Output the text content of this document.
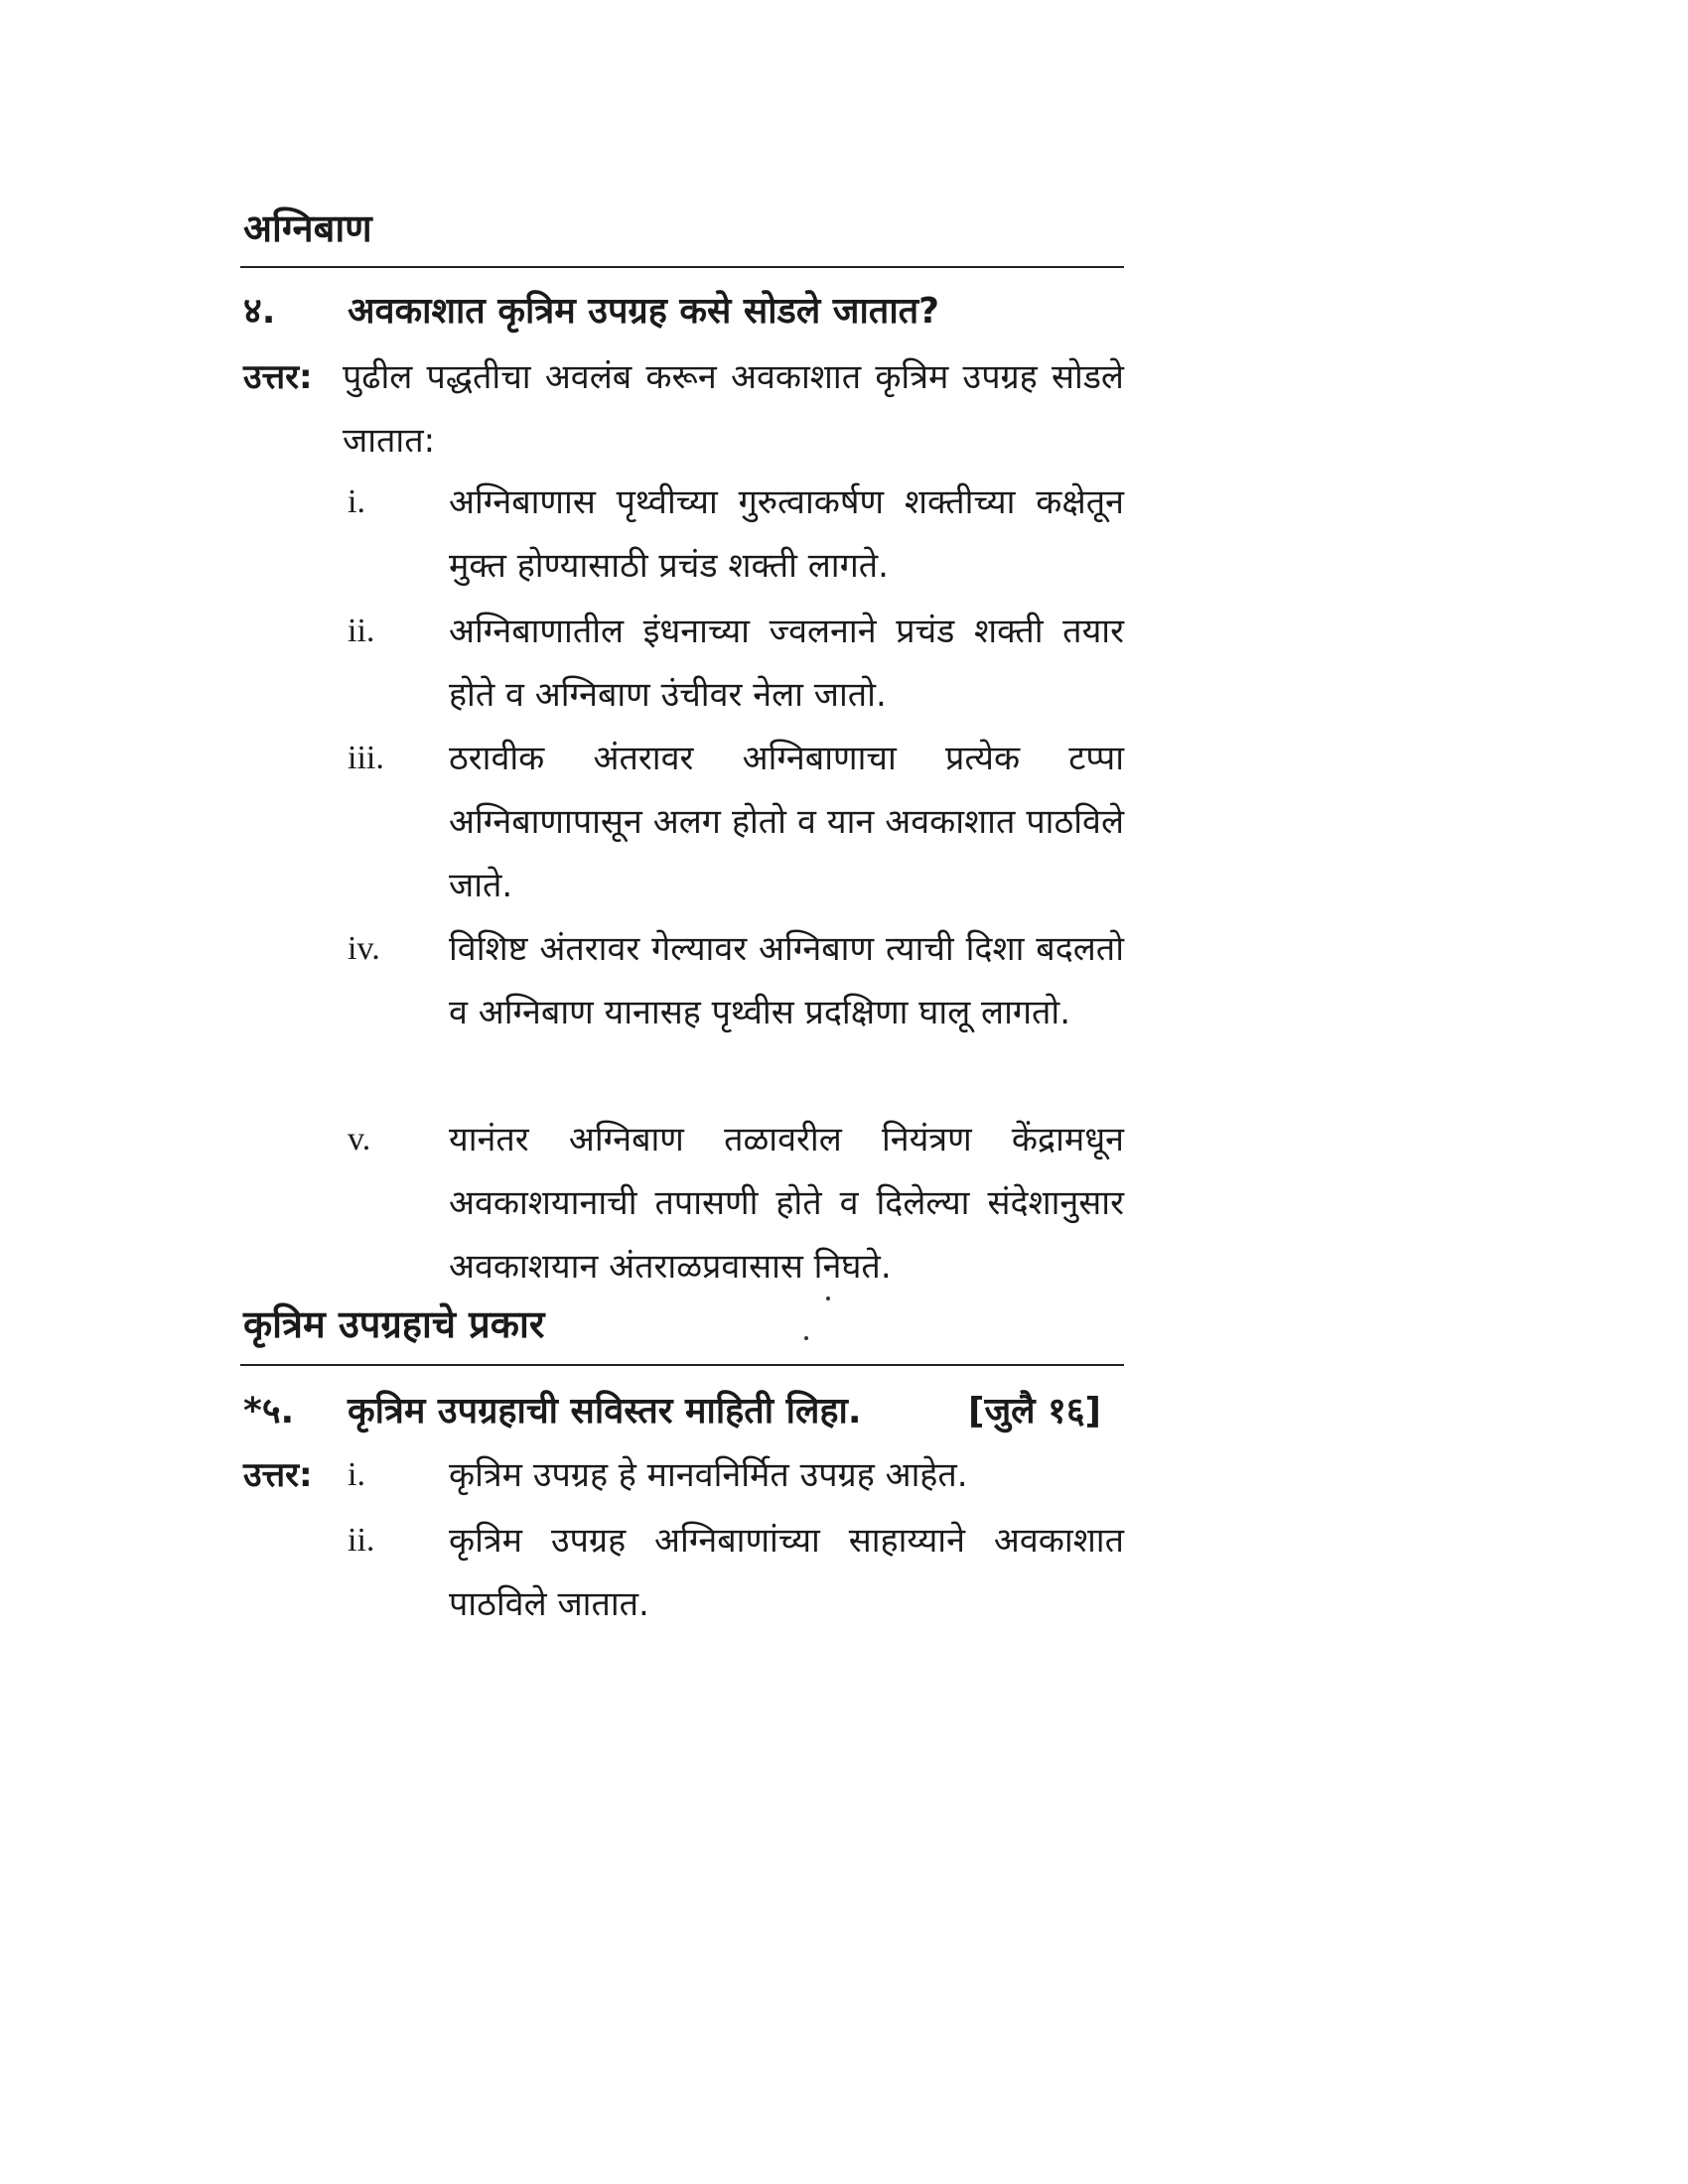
अग्निबाण
४. अवकाशात कृत्रिम उपग्रह कसे सोडले जातात?
उत्तर: पुढील पद्धतीचा अवलंब करून अवकाशात कृत्रिम उपग्रह सोडले जातात:
i. अग्निबाणास पृथ्वीच्या गुरुत्वाकर्षण शक्तीच्या कक्षेतून मुक्त होण्यासाठी प्रचंड शक्ती लागते.
ii. अग्निबाणातील इंधनाच्या ज्वलनाने प्रचंड शक्ती तयार होते व अग्निबाण उंचीवर नेला जातो.
iii. ठरावीक अंतरावर अग्निबाणाचा प्रत्येक टप्पा अग्निबाणापासून अलग होतो व यान अवकाशात पाठविले जाते.
iv. विशिष्ट अंतरावर गेल्यावर अग्निबाण त्याची दिशा बदलतो व अग्निबाण यानासह पृथ्वीस प्रदक्षिणा घालू लागतो.
v. यानंतर अग्निबाण तळावरील नियंत्रण केंद्रामधून अवकाशयानाची तपासणी होते व दिलेल्या संदेशानुसार अवकाशयान अंतराळप्रवासास निघते.
कृत्रिम उपग्रहाचे प्रकार
*५. कृत्रिम उपग्रहाची सविस्तर माहिती लिहा.	[जुलै १६]
उत्तर: i. कृत्रिम उपग्रह हे मानवनिर्मित उपग्रह आहेत.
ii. कृत्रिम उपग्रह अग्निबाणांच्या साहाय्याने अवकाशात पाठविले जातात.
